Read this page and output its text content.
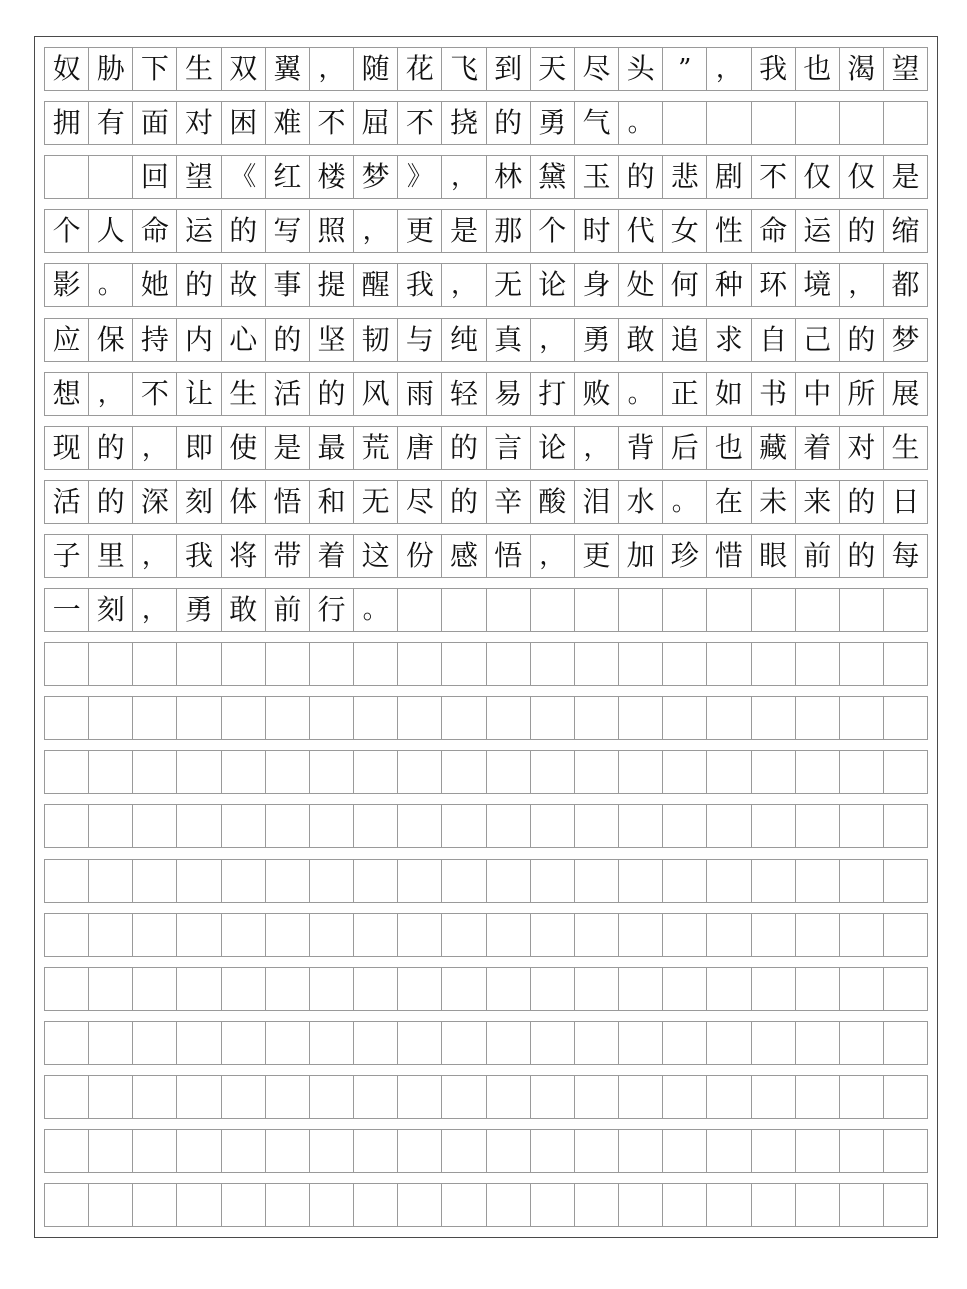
奴 胁 下 生 双 翼 ， 随 花 飞 到 天 尽 头 ” ， 我 也 渴 望
拥 有 面 对 困 难 不 屈 不 挠 的 勇 气 。
回 望 《 红 楼 梦 》 ， 林 黛 玉 的 悲 剧 不 仅 仅 是
个 人 命 运 的 写 照 ， 更 是 那 个 时 代 女 性 命 运 的 缩
影 。 她 的 故 事 提 醒 我 ， 无 论 身 处 何 种 环 境 ， 都
应 保 持 内 心 的 坚 韧 与 纯 真 ， 勇 敢 追 求 自 己 的 梦
想 ， 不 让 生 活 的 风 雨 轻 易 打 败 。 正 如 书 中 所 展
现 的 ， 即 使 是 最 荒 唐 的 言 论 ， 背 后 也 藏 着 对 生
活 的 深 刻 体 悟 和 无 尽 的 辛 酸 泪 水 。 在 未 来 的 日
子 里 ， 我 将 带 着 这 份 感 悟 ， 更 加 珍 惜 眼 前 的 每
一 刻 ， 勇 敢 前 行 。
